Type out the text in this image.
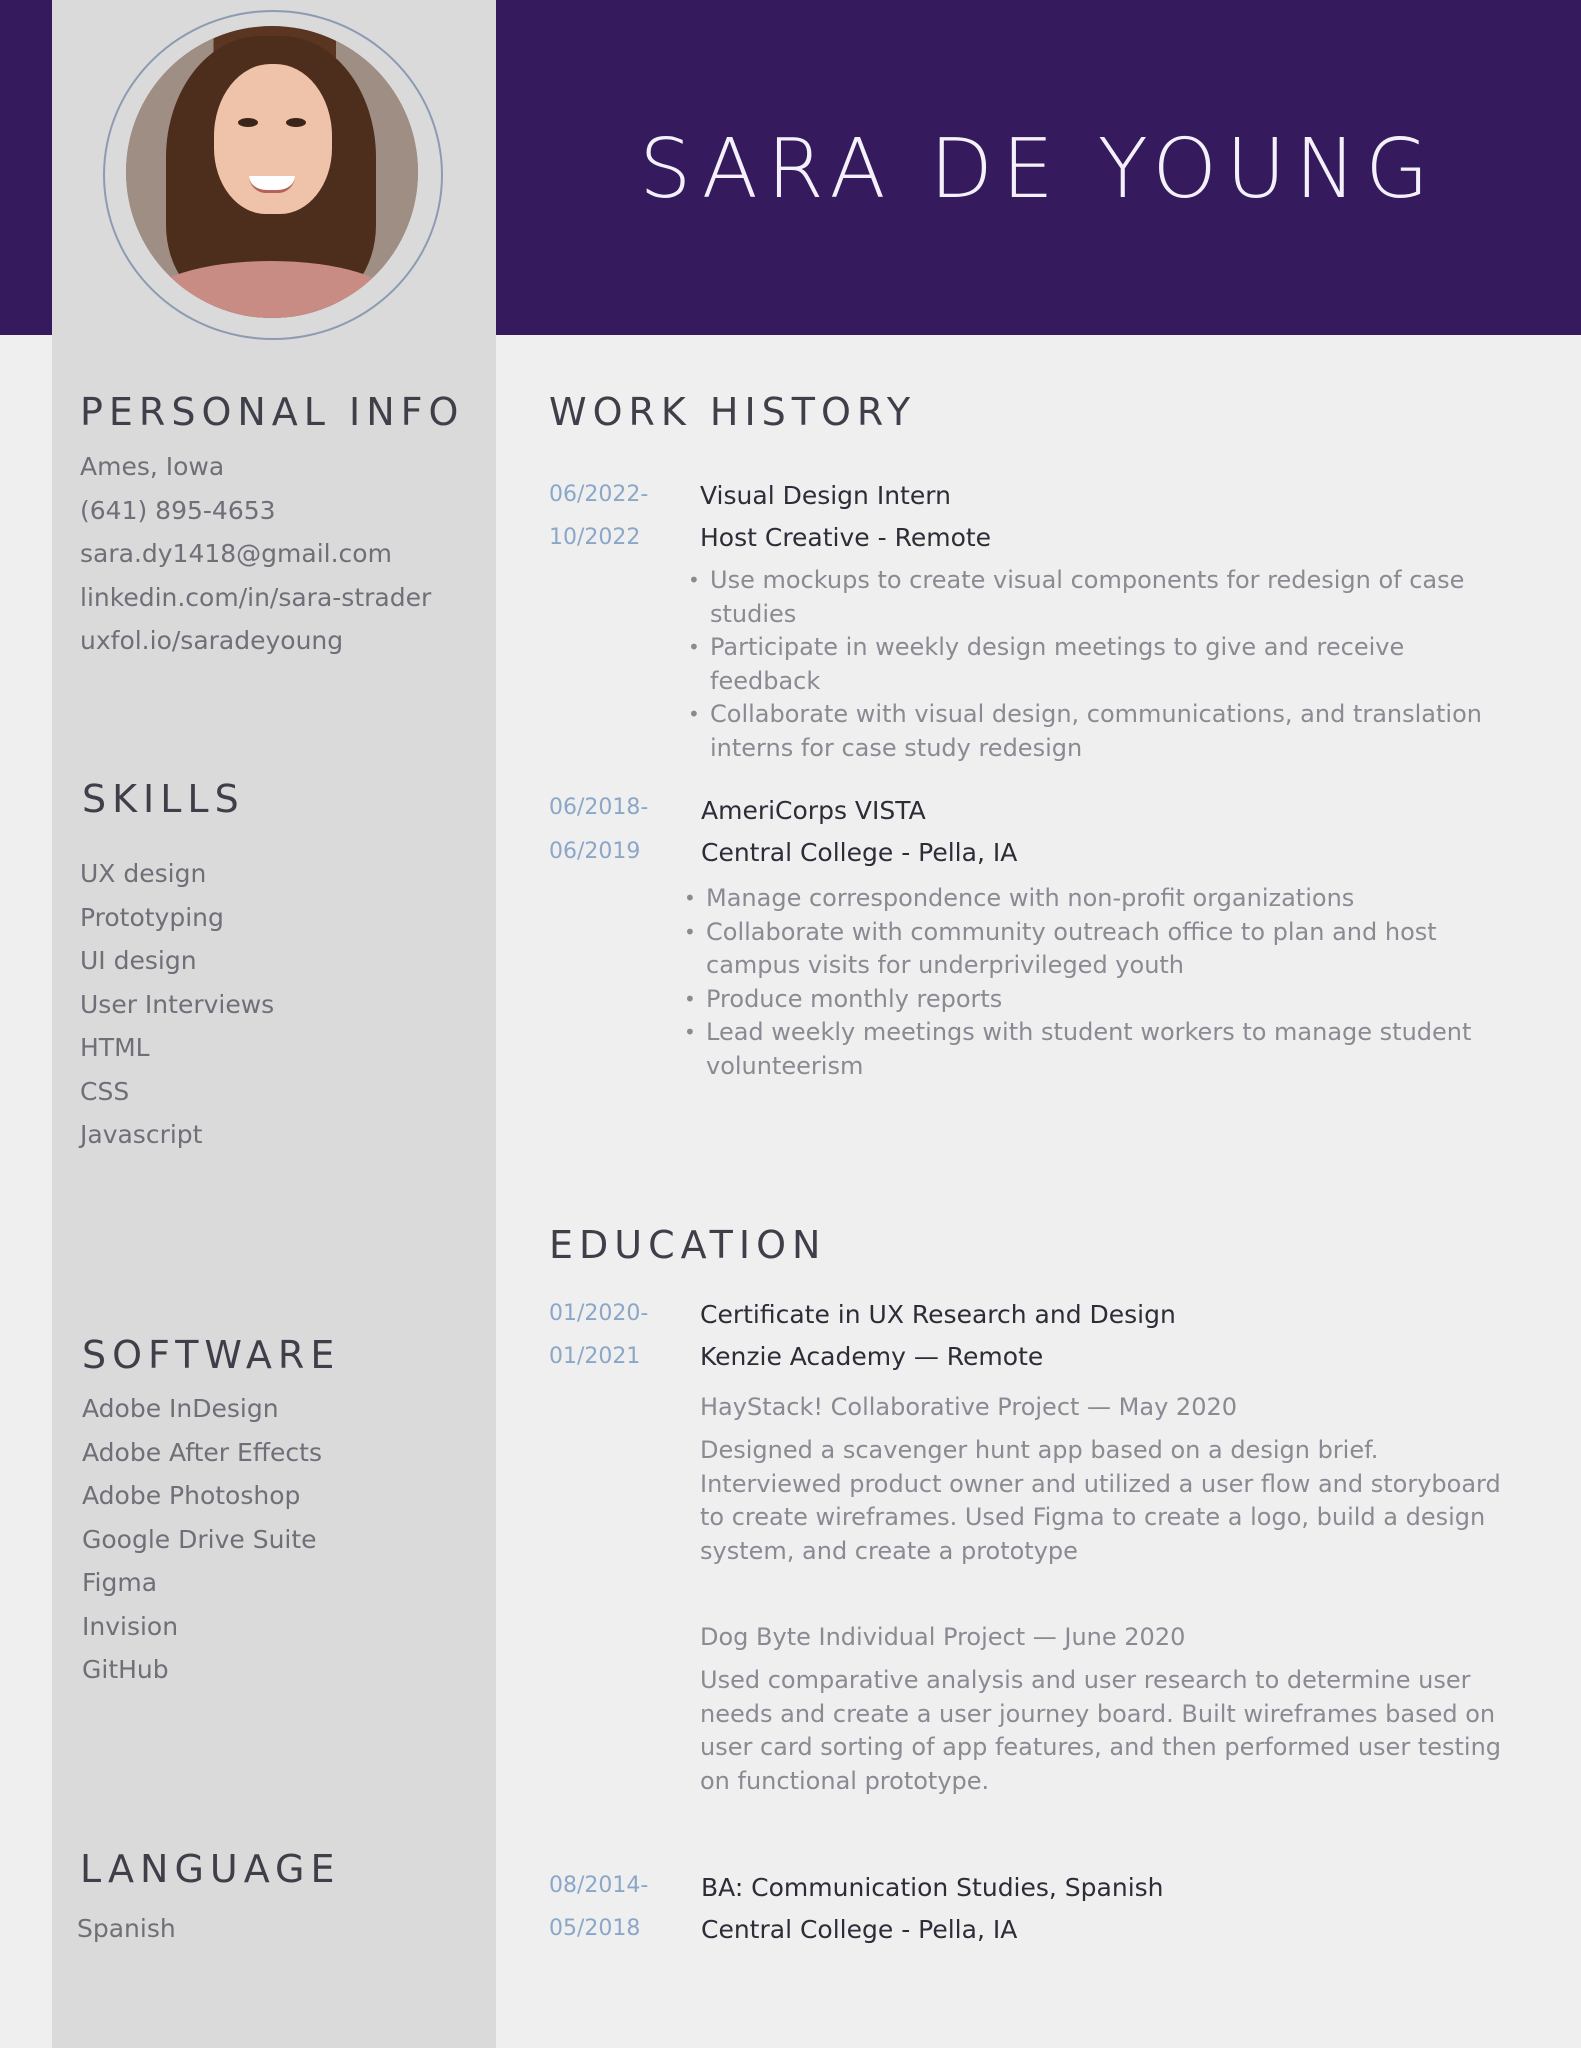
SARA DE YOUNG
PERSONAL INFO
Ames, Iowa
(641) 895-4653
sara.dy1418@gmail.com
linkedin.com/in/sara-strader
uxfol.io/saradeyoung
SKILLS
UX design
Prototyping
UI design
User Interviews
HTML
CSS
Javascript
SOFTWARE
Adobe InDesign
Adobe After Effects
Adobe Photoshop
Google Drive Suite
Figma
Invision
GitHub
LANGUAGE
Spanish
WORK HISTORY
06/2022-
10/2022
Visual Design Intern
Host Creative - Remote
• Use mockups to create visual components for redesign of case studies
• Participate in weekly design meetings to give and receive feedback
• Collaborate with visual design, communications, and translation interns for case study redesign
06/2018-
06/2019
AmeriCorps VISTA
Central College - Pella, IA
• Manage correspondence with non-profit organizations
• Collaborate with community outreach office to plan and host campus visits for underprivileged youth
• Produce monthly reports
• Lead weekly meetings with student workers to manage student volunteerism
EDUCATION
01/2020-
01/2021
Certificate in UX Research and Design
Kenzie Academy — Remote
HayStack! Collaborative Project — May 2020

Designed a scavenger hunt app based on a design brief. Interviewed product owner and utilized a user flow and storyboard to create wireframes. Used Figma to create a logo, build a design system, and create a prototype

Dog Byte Individual Project — June 2020

Used comparative analysis and user research to determine user needs and create a user journey board. Built wireframes based on user card sorting of app features, and then performed user testing on functional prototype.

08/2014-
05/2018
BA: Communication Studies, Spanish
Central College - Pella, IA
